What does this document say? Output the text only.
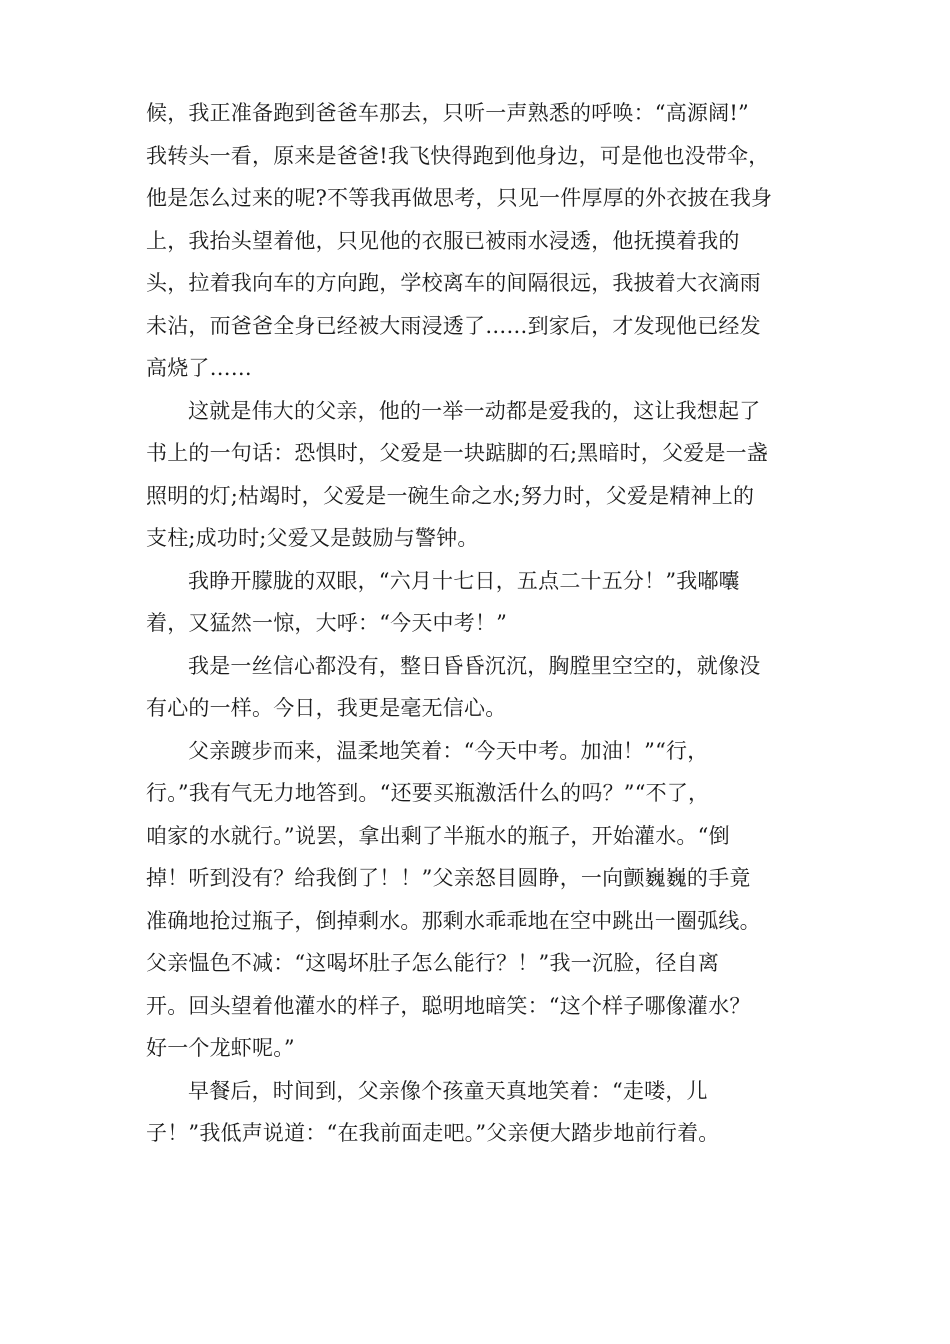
候，我正准备跑到爸爸车那去，只听一声熟悉的呼唤：“高源阔!”
我转头一看，原来是爸爸!我飞快得跑到他身边，可是他也没带伞，
他是怎么过来的呢?不等我再做思考，只见一件厚厚的外衣披在我身
上，我抬头望着他，只见他的衣服已被雨水浸透，他抚摸着我的
头，拉着我向车的方向跑，学校离车的间隔很远，我披着大衣滴雨
未沾，而爸爸全身已经被大雨浸透了……到家后，才发现他已经发
高烧了……
这就是伟大的父亲，他的一举一动都是爱我的，这让我想起了
书上的一句话：恐惧时，父爱是一块踮脚的石;黑暗时，父爱是一盏
照明的灯;枯竭时，父爱是一碗生命之水;努力时，父爱是精神上的
支柱;成功时;父爱又是鼓励与警钟。
我睁开朦胧的双眼，“六月十七日，五点二十五分！”我嘟囔
着，又猛然一惊，大呼：“今天中考！”
我是一丝信心都没有，整日昏昏沉沉，胸膛里空空的，就像没
有心的一样。今日，我更是毫无信心。
父亲踱步而来，温柔地笑着：“今天中考。加油！”“行，
行。”我有气无力地答到。“还要买瓶激活什么的吗？”“不了，
咱家的水就行。”说罢，拿出剩了半瓶水的瓶子，开始灌水。“倒
掉！听到没有？给我倒了！！”父亲怒目圆睁，一向颤巍巍的手竟
准确地抢过瓶子，倒掉剩水。那剩水乖乖地在空中跳出一圈弧线。
父亲愠色不减：“这喝坏肚子怎么能行？！”我一沉脸，径自离
开。回头望着他灌水的样子，聪明地暗笑：“这个样子哪像灌水？
好一个龙虾呢。”
早餐后，时间到，父亲像个孩童天真地笑着：“走喽，儿
子！”我低声说道：“在我前面走吧。”父亲便大踏步地前行着。
